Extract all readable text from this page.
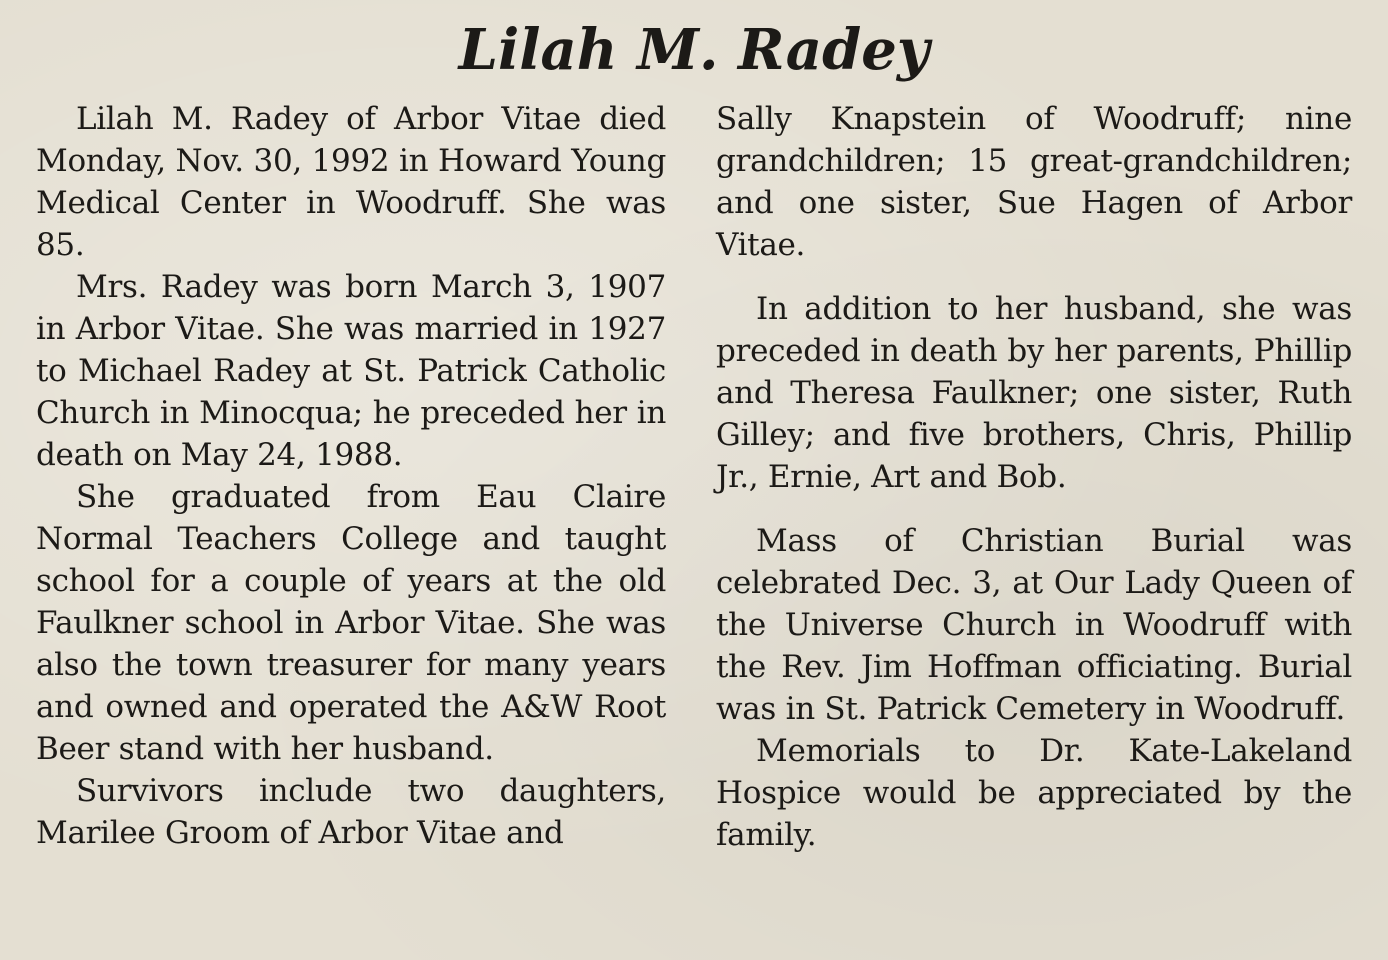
Lilah M. Radey

Lilah M. Radey of Arbor Vitae died Monday, Nov. 30, 1992 in Howard Young Medical Center in Woodruff. She was 85.

Mrs. Radey was born March 3, 1907 in Arbor Vitae. She was married in 1927 to Michael Radey at St. Patrick Catholic Church in Minocqua; he preceded her in death on May 24, 1988.

She graduated from Eau Claire Normal Teachers College and taught school for a couple of years at the old Faulkner school in Arbor Vitae. She was also the town treasurer for many years and owned and operated the A&W Root Beer stand with her husband.

Survivors include two daughters, Marilee Groom of Arbor Vitae and

Sally Knapstein of Woodruff; nine grandchildren; 15 great-grandchildren; and one sister, Sue Hagen of Arbor Vitae.

In addition to her husband, she was preceded in death by her parents, Phillip and Theresa Faulkner; one sister, Ruth Gilley; and five brothers, Chris, Phillip Jr., Ernie, Art and Bob.

Mass of Christian Burial was celebrated Dec. 3, at Our Lady Queen of the Universe Church in Woodruff with the Rev. Jim Hoffman officiating. Burial was in St. Patrick Cemetery in Woodruff.

Memorials to Dr. Kate-Lakeland Hospice would be appreciated by the family.
